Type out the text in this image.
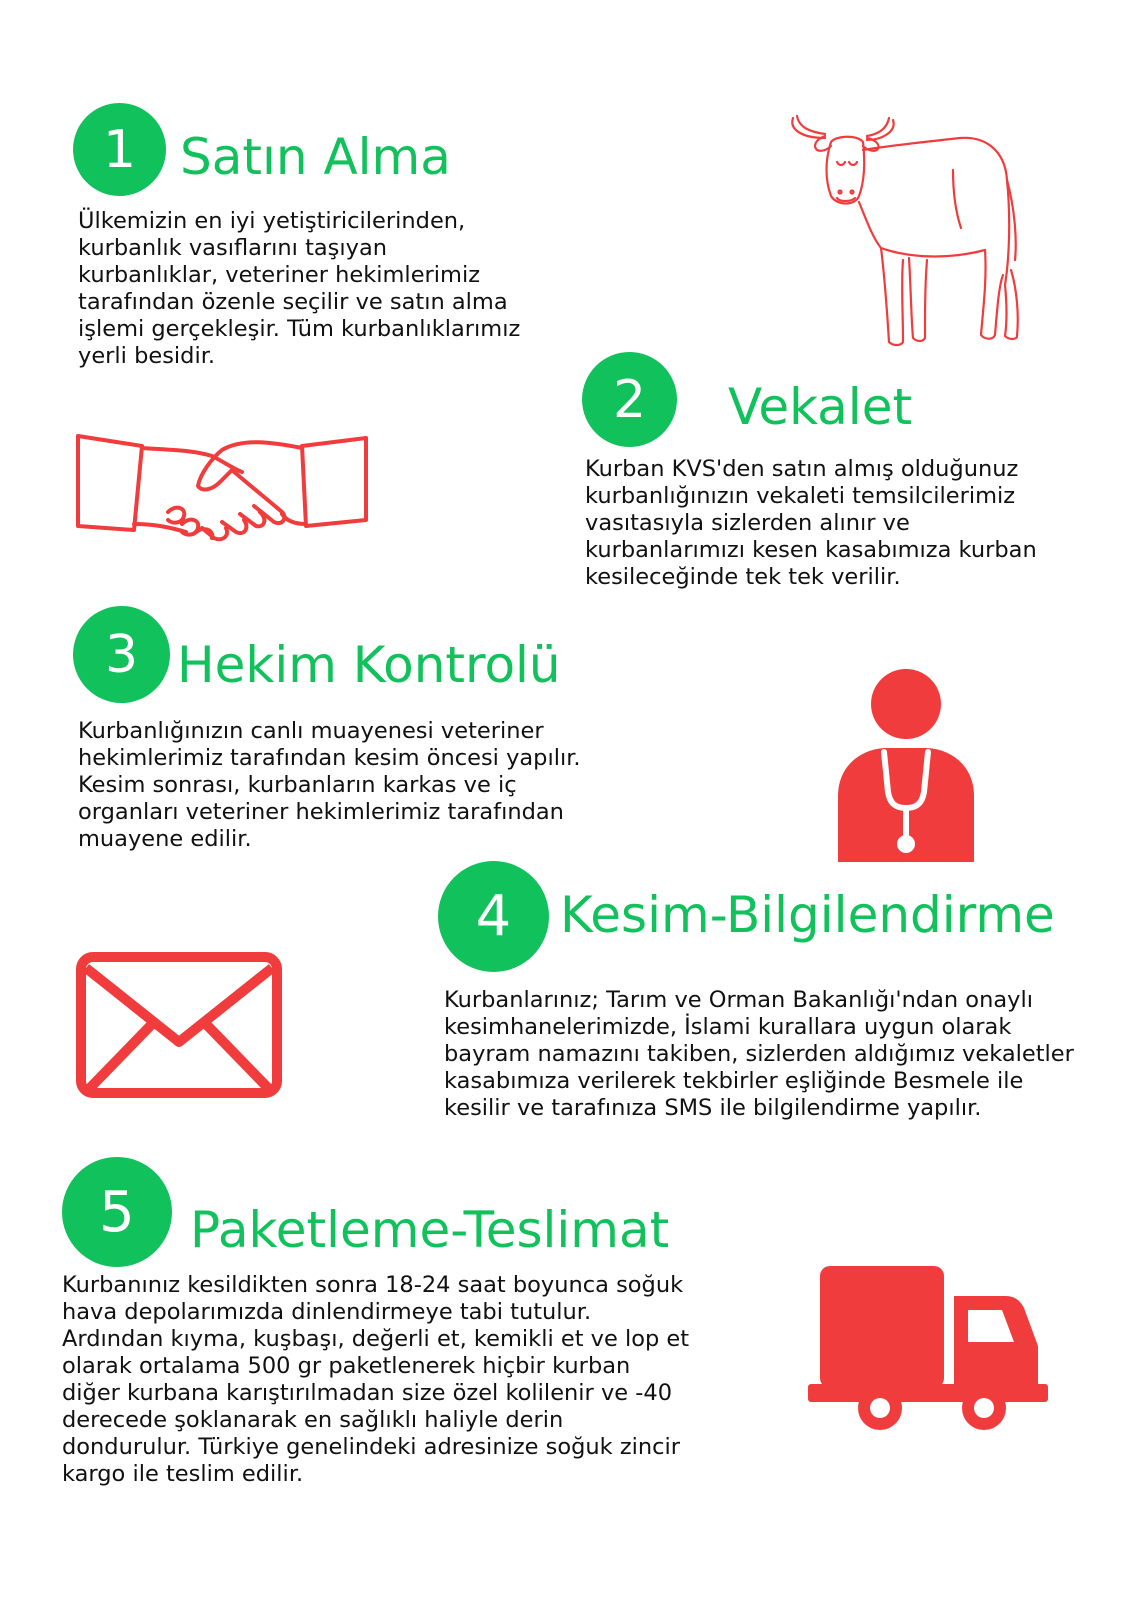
1 Satın Alma
Ülkemizin en iyi yetiştiricilerinden,
kurbanlık vasıflarını taşıyan
kurbanlıklar, veteriner hekimlerimiz
tarafından özenle seçilir ve satın alma
işlemi gerçekleşir. Tüm kurbanlıklarımız
yerli besidir.
2	Vekalet
Kurban KVS'den satın almış olduğunuz
kurbanlığınızın vekaleti temsilcilerimiz
vasıtasıyla sizlerden alınır ve
kurbanlarımızı kesen kasabımıza kurban
kesileceğinde tek tek verilir.
3 Hekim Kontrolü
Kurbanlığınızın canlı muayenesi veteriner
hekimlerimiz tarafından kesim öncesi yapılır.
Kesim sonrası, kurbanların karkas ve iç
organları veteriner hekimlerimiz tarafından
muayene edilir.
4 Kesim-Bilgilendirme
Kurbanlarınız; Tarım ve Orman Bakanlığı'ndan onaylı
kesimhanelerimizde, İslami kurallara uygun olarak
bayram namazını takiben, sizlerden aldığımız vekaletler
kasabımıza verilerek tekbirler eşliğinde Besmele ile
kesilir ve tarafınıza SMS ile bilgilendirme yapılır.
5	Paketleme-Teslimat
Kurbanınız kesildikten sonra 18-24 saat boyunca soğuk
hava depolarımızda dinlendirmeye tabi tutulur.
Ardından kıyma, kuşbaşı, değerli et, kemikli et ve lop et
olarak ortalama 500 gr paketlenerek hiçbir kurban
diğer kurbana karıştırılmadan size özel kolilenir ve -40
derecede şoklanarak en sağlıklı haliyle derin
dondurulur. Türkiye genelindeki adresinize soğuk zincir
kargo ile teslim edilir.
